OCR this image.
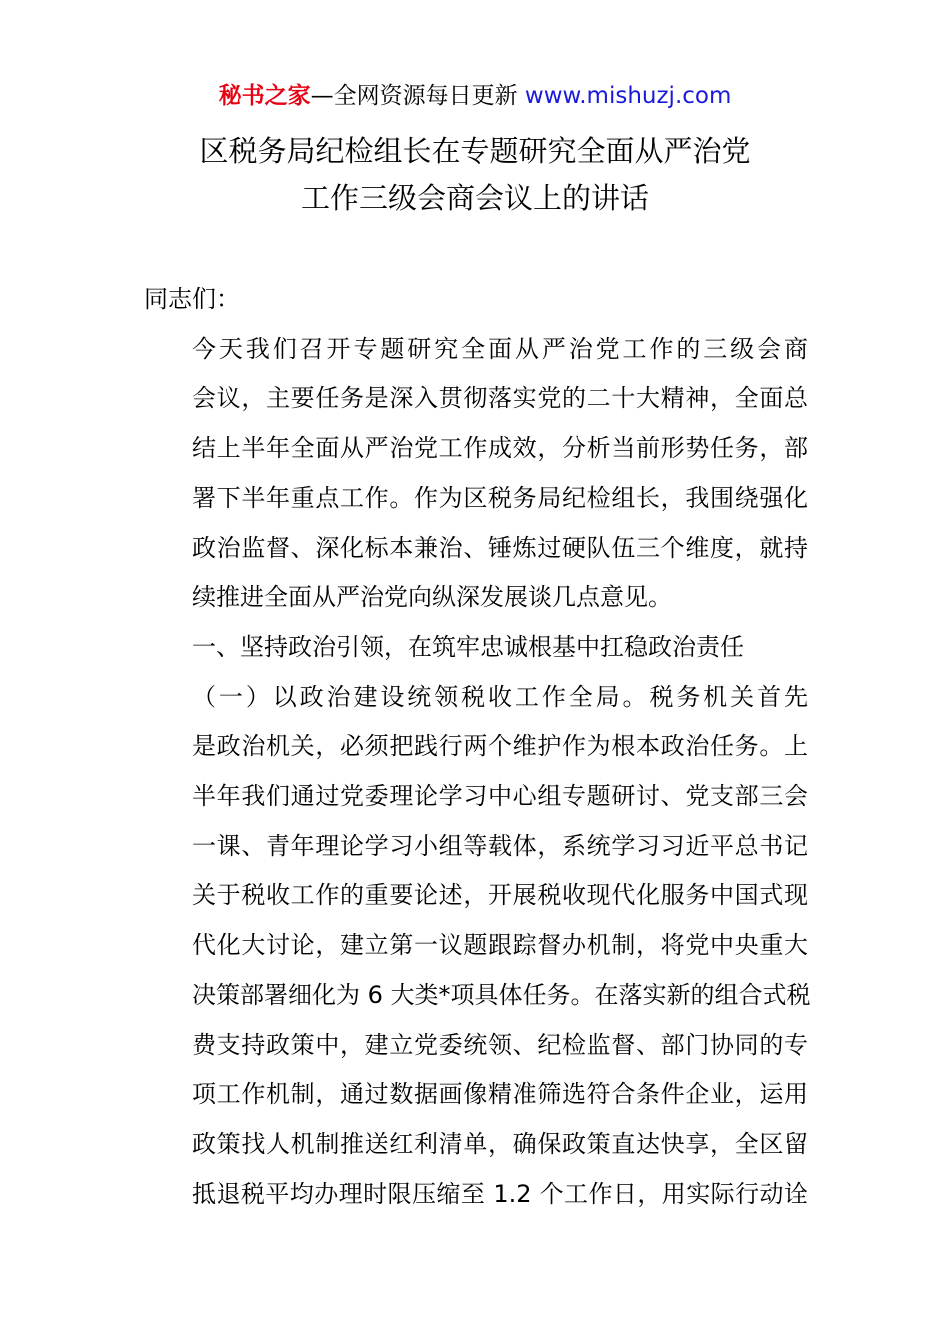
秘书之家—全网资源每日更新 www.mishuzj.com
区税务局纪检组长在专题研究全面从严治党
工作三级会商会议上的讲话

同志们：

今天我们召开专题研究全面从严治党工作的三级会商
会议，主要任务是深入贯彻落实党的二十大精神，全面总
结上半年全面从严治党工作成效，分析当前形势任务，部
署下半年重点工作。作为区税务局纪检组长，我围绕强化
政治监督、深化标本兼治、锤炼过硬队伍三个维度，就持
续推进全面从严治党向纵深发展谈几点意见。

一、坚持政治引领，在筑牢忠诚根基中扛稳政治责任

（一）以政治建设统领税收工作全局。税务机关首先
是政治机关，必须把践行两个维护作为根本政治任务。上
半年我们通过党委理论学习中心组专题研讨、党支部三会
一课、青年理论学习小组等载体，系统学习习近平总书记
关于税收工作的重要论述，开展税收现代化服务中国式现
代化大讨论，建立第一议题跟踪督办机制，将党中央重大
决策部署细化为 6 大类*项具体任务。在落实新的组合式税
费支持政策中，建立党委统领、纪检监督、部门协同的专
项工作机制，通过数据画像精准筛选符合条件企业，运用
政策找人机制推送红利清单，确保政策直达快享，全区留
抵退税平均办理时限压缩至 1.2 个工作日，用实际行动诠
